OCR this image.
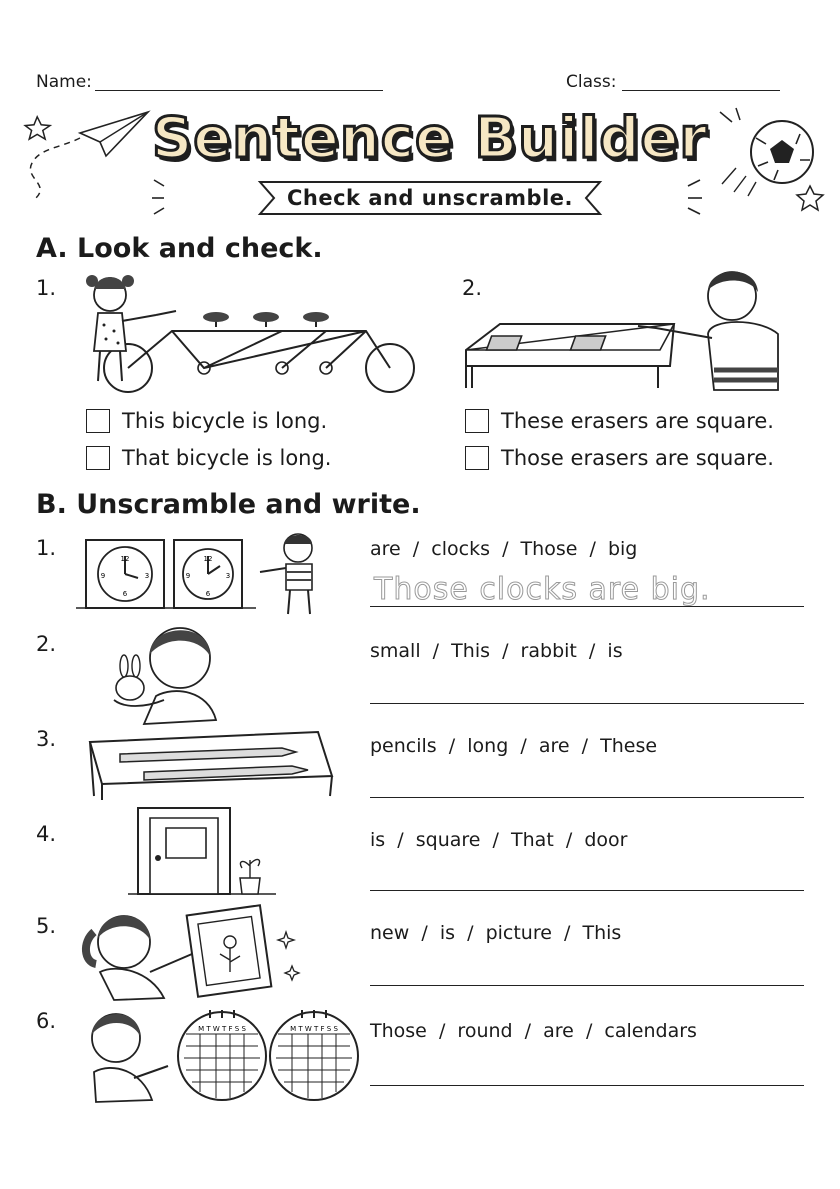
Name:	Class:
Sentence Builder
Check and unscramble.
A. Look and check.
1.	2.
This bicycle is long.
That bicycle is long.
These erasers are square.
Those erasers are square.
B. Unscramble and write.
1.	12
3
6
9
12
3
6
9
are  /  clocks  /  Those  /  big
Those clocks are big.
2.	small  /  This  /  rabbit  /  is
3.	pencils  /  long  /  are  /  These
4.	is  /  square  /  That  /  door
5.	new  /  is  /  picture  /  This
6.	M T W T F S S	M T W T F S S Those  /  round  /  are  /  calendars
